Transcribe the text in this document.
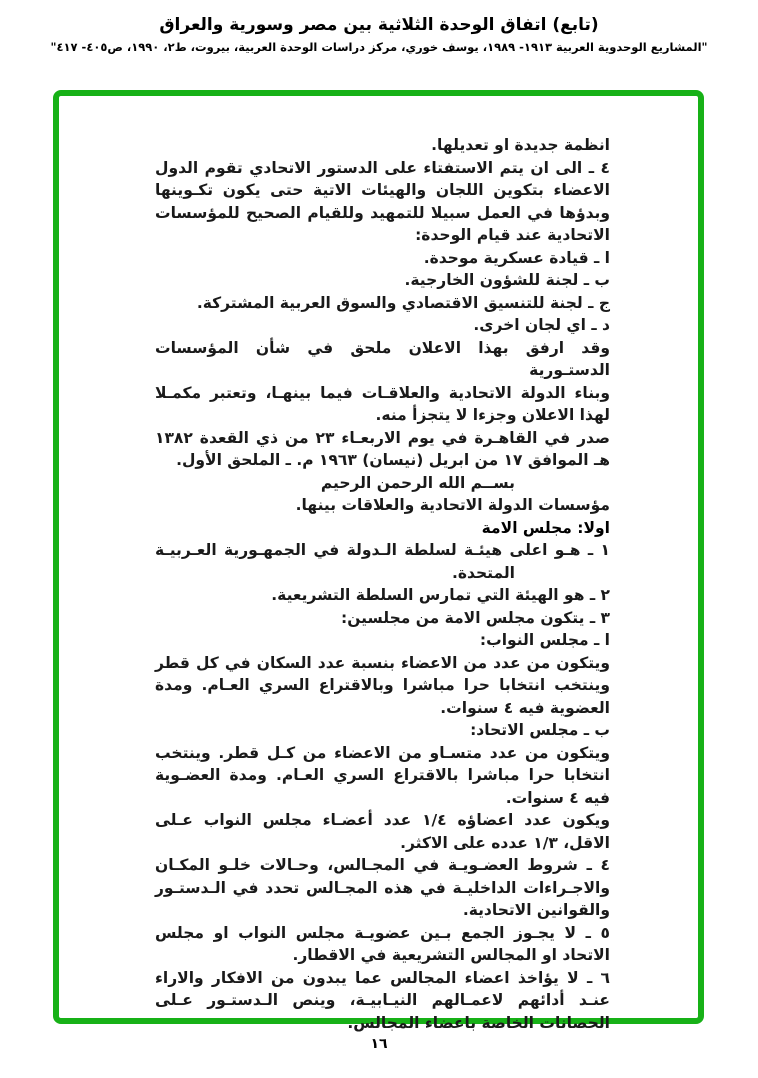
(تابع) اتفاق الوحدة الثلاثية بين مصر وسورية والعراق
"المشاريع الوحدوية العربية ١٩١٣- ١٩٨٩، يوسف خوري، مركز دراسات الوحدة العربية، بيروت، ط٢، ١٩٩٠، ص٤٠٥- ٤١٧"
انظمة جديدة او تعديلها.
٤ ـ الى ان يتم الاستفتاء على الدستور الاتحادي تقوم الدول
الاعضاء بتكوين اللجان والهيئات الاتية حتى يكون تكـوينها
وبدؤها في العمل سبيلا للتمهيد وللقيام الصحيح للمؤسسات
الاتحادية عند قيام الوحدة:
ا ـ قيادة عسكرية موحدة.
ب ـ لجنة للشؤون الخارجية.
ج ـ لجنة للتنسيق الاقتصادي والسوق العربية المشتركة.
د ـ اي لجان اخرى.
وقد ارفق بهذا الاعلان ملحق في شأن المؤسسات الدستـورية
وبناء الدولة الاتحادية والعلاقـات فيما بينهـا، وتعتبر مكمـلا
لهذا الاعلان وجزءا لا يتجزأ منه.
صدر في القاهـرة في يوم الاربعـاء ٢٣ من ذي القعدة ١٣٨٢
هـ الموافق ١٧ من ابريل (نيسان) ١٩٦٣ م. ـ الملحق الأول.
بســم الله الرحمن الرحيم
مؤسسات الدولة الاتحادية والعلاقات بينها.
اولا: مجلس الامة
١ ـ هـو اعلى هيئـة لسلطة الـدولة في الجمهـورية العـربيـة
المتحدة.
٢ ـ هو الهيئة التي تمارس السلطة التشريعية.
٣ ـ يتكون مجلس الامة من مجلسين:
ا ـ مجلس النواب:
ويتكون من عدد من الاعضاء بنسبة عدد السكان في كل قطر
وينتخب انتخابا حرا مباشرا وبالاقتراع السري العـام. ومدة
العضوية فيه ٤ سنوات.
ب ـ مجلس الاتحاد:
ويتكون من عدد متسـاو من الاعضاء من كـل قطر. وينتخب
انتخابا حرا مباشرا بالاقتراع السري العـام. ومدة العضـوية
فيه ٤ سنوات.
ويكون عدد اعضاؤه ١/٤ عدد أعضـاء مجلس النواب عـلى
الاقل، ١/٣ عدده على الاكثر.
٤ ـ شروط العضـويـة في المجـالس، وحـالات خلـو المكـان
والاجـراءات الداخليـة في هذه المجـالس تحدد في الـدستـور
والقوانين الاتحادية.
٥ ـ لا يجـوز الجمع بـين عضويـة مجلس النواب او مجلس
الاتحاد او المجالس التشريعية في الاقطار.
٦ ـ لا يؤاخذ اعضاء المجالس عما يبدون من الافكار والاراء
عنـد أدائهم لاعمـالهم النيـابيـة، وينص الـدستـور عـلى
الحصانات الخاصة باعضاء المجالس.
١٦
